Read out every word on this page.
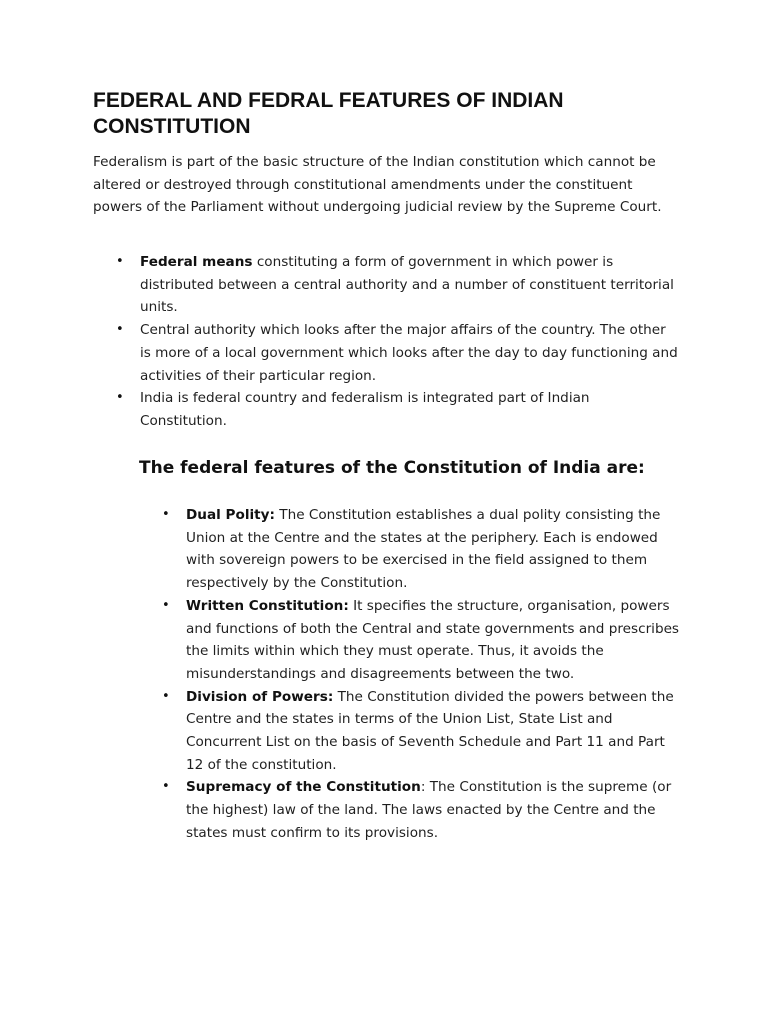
FEDERAL AND FEDRAL FEATURES OF INDIAN CONSTITUTION

Federalism is part of the basic structure of the Indian constitution which cannot be altered or destroyed through constitutional amendments under the constituent powers of the Parliament without undergoing judicial review by the Supreme Court.

• Federal means constituting a form of government in which power is distributed between a central authority and a number of constituent territorial units.
• Central authority which looks after the major affairs of the country. The other is more of a local government which looks after the day to day functioning and activities of their particular region.
• India is federal country and federalism is integrated part of Indian Constitution.
The federal features of the Constitution of India are:
• Dual Polity: The Constitution establishes a dual polity consisting the Union at the Centre and the states at the periphery. Each is endowed with sovereign powers to be exercised in the field assigned to them respectively by the Constitution.
• Written Constitution: It specifies the structure, organisation, powers and functions of both the Central and state governments and prescribes the limits within which they must operate. Thus, it avoids the misunderstandings and disagreements between the two.
• Division of Powers: The Constitution divided the powers between the Centre and the states in terms of the Union List, State List and Concurrent List on the basis of Seventh Schedule and Part 11 and Part 12 of the constitution.
• Supremacy of the Constitution: The Constitution is the supreme (or the highest) law of the land. The laws enacted by the Centre and the states must confirm to its provisions.
